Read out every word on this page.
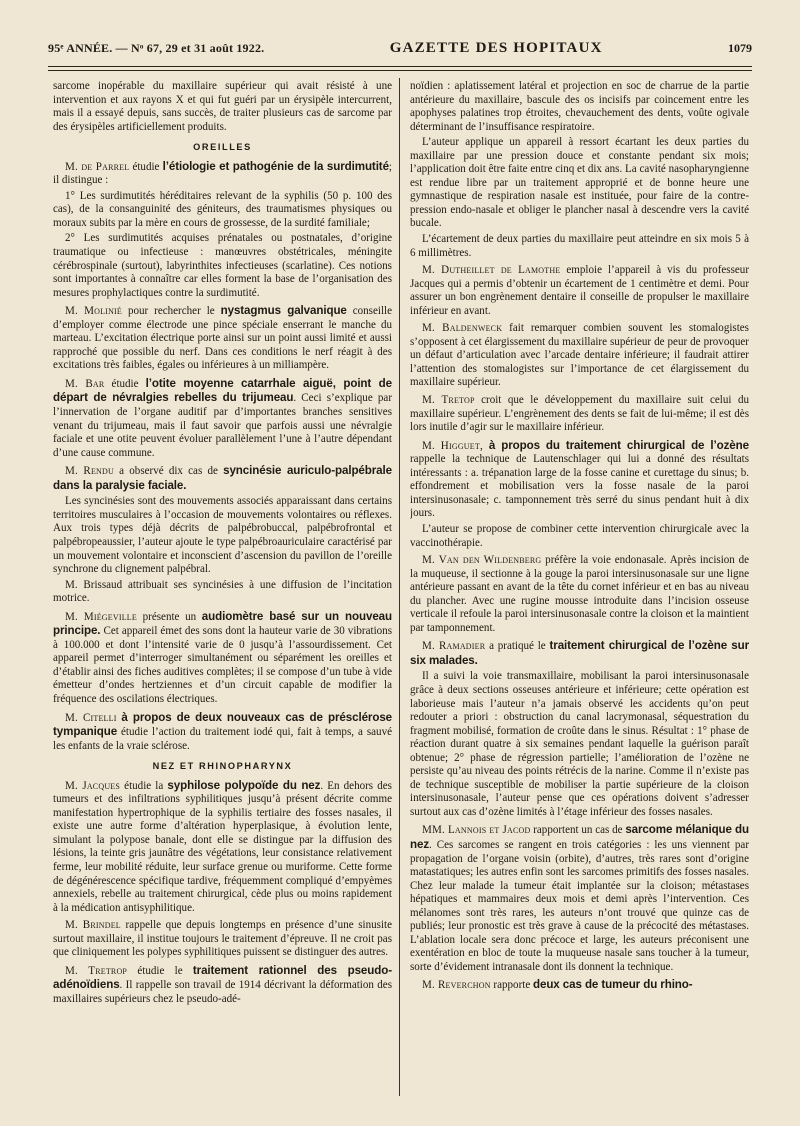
95ᵉ ANNÉE. — Nᵒ 67, 29 et 31 août 1922.	GAZETTE DES HOPITAUX	1079

sarcome inopérable du maxillaire supérieur qui avait résisté à une intervention et aux rayons X et qui fut guéri par un érysipèle intercurrent, mais il a essayé depuis, sans succès, de traiter plusieurs cas de sarcome par des érysipèles artificiellement produits.

OREILLES

M. de Parrel étudie l’étiologie et pathogénie de la surdimutité; il distingue :

1° Les surdimutités héréditaires relevant de la syphilis (50 p. 100 des cas), de la consanguinité des géniteurs, des traumatismes physiques ou moraux subits par la mère en cours de grossesse, de la surdité familiale;

2° Les surdimutités acquises prénatales ou postnatales, d’origine traumatique ou infectieuse : manœuvres obstétricales, méningite cérébrospinale (surtout), labyrinthites infectieuses (scarlatine). Ces notions sont importantes à connaître car elles forment la base de l’organisation des mesures prophylactiques contre la surdimutité.

M. Molinié pour rechercher le nystagmus galvanique conseille d’employer comme électrode une pince spéciale enserrant le manche du marteau. L’excitation électrique porte ainsi sur un point aussi limité et aussi rapproché que possible du nerf. Dans ces conditions le nerf réagit à des excitations très faibles, égales ou inférieures à un milliampère.

M. Bar étudie l’otite moyenne catarrhale aiguë, point de départ de névralgies rebelles du trijumeau. Ceci s’explique par l’innervation de l’organe auditif par d’importantes branches sensitives venant du trijumeau, mais il faut savoir que parfois aussi une névralgie faciale et une otite peuvent évoluer parallèlement l’une à l’autre dépendant d’une cause commune.

M. Rendu a observé dix cas de syncinésie auriculo-palpébrale dans la paralysie faciale.

Les syncinésies sont des mouvements associés apparaissant dans certains territoires musculaires à l’occasion de mouvements volontaires ou réflexes. Aux trois types déjà décrits de palpébrobuccal, palpébrofrontal et palpébropeaussier, l’auteur ajoute le type palpébroauriculaire caractérisé par un mouvement volontaire et inconscient d’ascension du pavillon de l’oreille synchrone du clignement palpébral.

M. Brissaud attribuait ses syncinésies à une diffusion de l’incitation motrice.

M. Miégeville présente un audiomètre basé sur un nouveau principe. Cet appareil émet des sons dont la hauteur varie de 30 vibrations à 100.000 et dont l’intensité varie de 0 jusqu’à l’assourdissement. Cet appareil permet d’interroger simultanément ou séparément les oreilles et d’établir ainsi des fiches auditives complètes; il se compose d’un tube à vide émetteur d’ondes hertziennes et d’un circuit capable de modifier la fréquence des oscilations électriques.

M. Citelli à propos de deux nouveaux cas de présclérose tympanique étudie l’action du traitement iodé qui, fait à temps, a sauvé les enfants de la vraie sclérose.

NEZ ET RHINOPHARYNX

M. Jacques étudie la syphilose polypoïde du nez. En dehors des tumeurs et des infiltrations syphilitiques jusqu’à présent décrite comme manifestation hypertrophique de la syphilis tertiaire des fosses nasales, il existe une autre forme d’altération hyperplasique, à évolution lente, simulant la polypose banale, dont elle se distingue par la diffusion des lésions, la teinte gris jaunâtre des végétations, leur consistance relativement ferme, leur mobilité réduite, leur surface grenue ou muriforme. Cette forme de dégénérescence spécifique tardive, fréquemment compliqué d’empyèmes annexiels, rebelle au traitement chirurgical, cède plus ou moins rapidement à la médication antisyphilitique.

M. Brindel rappelle que depuis longtemps en présence d’une sinusite surtout maxillaire, il institue toujours le traitement d’épreuve. Il ne croit pas que cliniquement les polypes syphilitiques puissent se distinguer des autres.

M. Tretrop étudie le traitement rationnel des pseudo-adénoïdiens. Il rappelle son travail de 1914 décrivant la déformation des maxillaires supérieurs chez le pseudo-adé-

noïdien : aplatissement latéral et projection en soc de charrue de la partie antérieure du maxillaire, bascule des os incisifs par coincement entre les apophyses palatines trop étroites, chevauchement des dents, voûte ogivale déterminant de l’insuffisance respiratoire.

L’auteur applique un appareil à ressort écartant les deux parties du maxillaire par une pression douce et constante pendant six mois; l’application doit être faite entre cinq et dix ans. La cavité nasopharyngienne est rendue libre par un traitement approprié et de bonne heure une gymnastique de respiration nasale est instituée, pour faire de la contre-pression endo-nasale et obliger le plancher nasal à descendre vers la cavité bucale.

L’écartement de deux parties du maxillaire peut atteindre en six mois 5 à 6 millimètres.

M. Dutheillet de Lamothe emploie l’appareil à vis du professeur Jacques qui a permis d’obtenir un écartement de 1 centimètre et demi. Pour assurer un bon engrènement dentaire il conseille de propulser le maxillaire inférieur en avant.

M. Baldenweck fait remarquer combien souvent les stomalogistes s’opposent à cet élargissement du maxillaire supérieur de peur de provoquer un défaut d’articulation avec l’arcade dentaire inférieure; il faudrait attirer l’attention des stomalogistes sur l’importance de cet élargissement du maxillaire supérieur.

M. Tretop croit que le développement du maxillaire suit celui du maxillaire supérieur. L’engrènement des dents se fait de lui-même; il est dès lors inutile d’agir sur le maxillaire inférieur.

M. Higguet, à propos du traitement chirurgical de l’ozène rappelle la technique de Lautenschlager qui lui a donné des résultats intéressants : a. trépanation large de la fosse canine et curettage du sinus; b. effondrement et mobilisation vers la fosse nasale de la paroi intersinusonasale; c. tamponnement très serré du sinus pendant huit à dix jours.

L’auteur se propose de combiner cette intervention chirurgicale avec la vaccinothérapie.

M. Van den Wildenberg préfère la voie endonasale. Après incision de la muqueuse, il sectionne à la gouge la paroi intersinusonasale sur une ligne antérieure passant en avant de la tête du cornet inférieur et en bas au niveau du plancher. Avec une rugine mousse introduite dans l’incision osseuse verticale il refoule la paroi intersinusonasale contre la cloison et la maintient par tamponnement.

M. Ramadier a pratiqué le traitement chirurgical de l’ozène sur six malades.

Il a suivi la voie transmaxillaire, mobilisant la paroi intersinusonasale grâce à deux sections osseuses antérieure et inférieure; cette opération est laborieuse mais l’auteur n’a jamais observé les accidents qu’on peut redouter a priori : obstruction du canal lacrymonasal, séquestration du fragment mobilisé, formation de croûte dans le sinus. Résultat : 1° phase de réaction durant quatre à six semaines pendant laquelle la guérison paraît obtenue; 2° phase de régression partielle; l’amélioration de l’ozène ne persiste qu’au niveau des points rétrécis de la narine. Comme il n’existe pas de technique susceptible de mobiliser la partie supérieure de la cloison intersinusonasale, l’auteur pense que ces opérations doivent s’adresser surtout aux cas d’ozène limités à l’étage inférieur des fosses nasales.

MM. Lannois et Jacod rapportent un cas de sarcome mélanique du nez. Ces sarcomes se rangent en trois catégories : les uns viennent par propagation de l’organe voisin (orbite), d’autres, très rares sont d’origine matastatiques; les autres enfin sont les sarcomes primitifs des fosses nasales. Chez leur malade la tumeur était implantée sur la cloison; métastases hépatiques et mammaires deux mois et demi après l’intervention. Ces mélanomes sont très rares, les auteurs n’ont trouvé que quinze cas de publiés; leur pronostic est très grave à cause de la précocité des métastases. L’ablation locale sera donc précoce et large, les auteurs préconisent une exentération en bloc de toute la muqueuse nasale sans toucher à la tumeur, sorte d’évidement intranasale dont ils donnent la technique.

M. Reverchon rapporte deux cas de tumeur du rhino-
